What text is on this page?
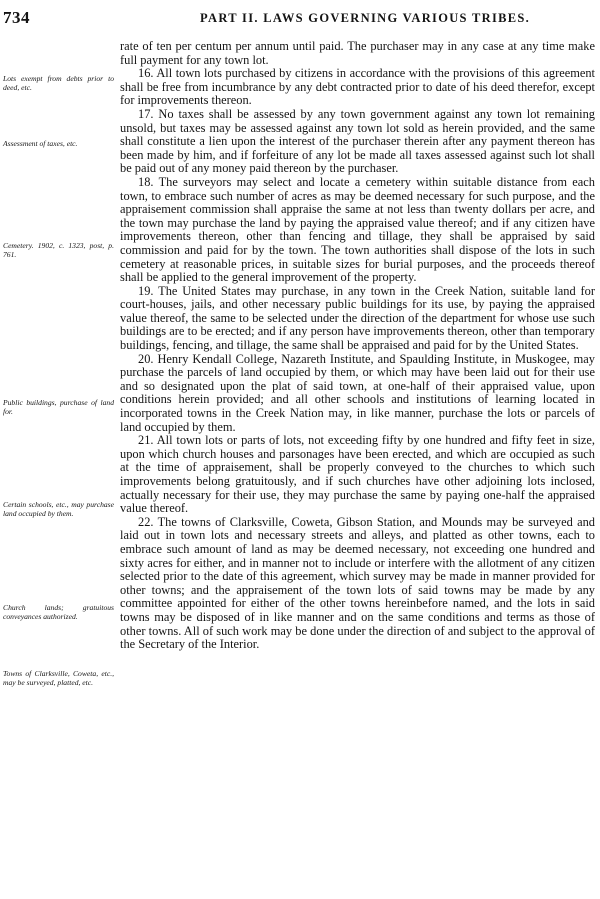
734	PART II. LAWS GOVERNING VARIOUS TRIBES.
Lots exempt from debts prior to deed, etc.
Assessment of taxes, etc.
Cemetery. 1902, c. 1323, post, p. 761.
Public buildings, purchase of land for.
Certain schools, etc., may purchase land occupied by them.
Church lands; gratuitous conveyances authorized.
Towns of Clarksville, Coweta, etc., may be surveyed, platted, etc.

rate of ten per centum per annum until paid. The purchaser may in any case at any time make full payment for any town lot.

16. All town lots purchased by citizens in accordance with the provisions of this agreement shall be free from incumbrance by any debt contracted prior to date of his deed therefor, except for improvements thereon.

17. No taxes shall be assessed by any town government against any town lot remaining unsold, but taxes may be assessed against any town lot sold as herein provided, and the same shall constitute a lien upon the interest of the purchaser therein after any payment thereon has been made by him, and if forfeiture of any lot be made all taxes assessed against such lot shall be paid out of any money paid thereon by the purchaser.

18. The surveyors may select and locate a cemetery within suitable distance from each town, to embrace such number of acres as may be deemed necessary for such purpose, and the appraisement commission shall appraise the same at not less than twenty dollars per acre, and the town may purchase the land by paying the appraised value thereof; and if any citizen have improvements thereon, other than fencing and tillage, they shall be appraised by said commission and paid for by the town. The town authorities shall dispose of the lots in such cemetery at reasonable prices, in suitable sizes for burial purposes, and the proceeds thereof shall be applied to the general improvement of the property.

19. The United States may purchase, in any town in the Creek Nation, suitable land for court-houses, jails, and other necessary public buildings for its use, by paying the appraised value thereof, the same to be selected under the direction of the department for whose use such buildings are to be erected; and if any person have improvements thereon, other than temporary buildings, fencing, and tillage, the same shall be appraised and paid for by the United States.

20. Henry Kendall College, Nazareth Institute, and Spaulding Institute, in Muskogee, may purchase the parcels of land occupied by them, or which may have been laid out for their use and so designated upon the plat of said town, at one-half of their appraised value, upon conditions herein provided; and all other schools and institutions of learning located in incorporated towns in the Creek Nation may, in like manner, purchase the lots or parcels of land occupied by them.

21. All town lots or parts of lots, not exceeding fifty by one hundred and fifty feet in size, upon which church houses and parsonages have been erected, and which are occupied as such at the time of appraisement, shall be properly conveyed to the churches to which such improvements belong gratuitously, and if such churches have other adjoining lots inclosed, actually necessary for their use, they may purchase the same by paying one-half the appraised value thereof.

22. The towns of Clarksville, Coweta, Gibson Station, and Mounds may be surveyed and laid out in town lots and necessary streets and alleys, and platted as other towns, each to embrace such amount of land as may be deemed necessary, not exceeding one hundred and sixty acres for either, and in manner not to include or interfere with the allotment of any citizen selected prior to the date of this agreement, which survey may be made in manner provided for other towns; and the appraisement of the town lots of said towns may be made by any committee appointed for either of the other towns hereinbefore named, and the lots in said towns may be disposed of in like manner and on the same conditions and terms as those of other towns. All of such work may be done under the direction of and subject to the approval of the Secretary of the Interior.
